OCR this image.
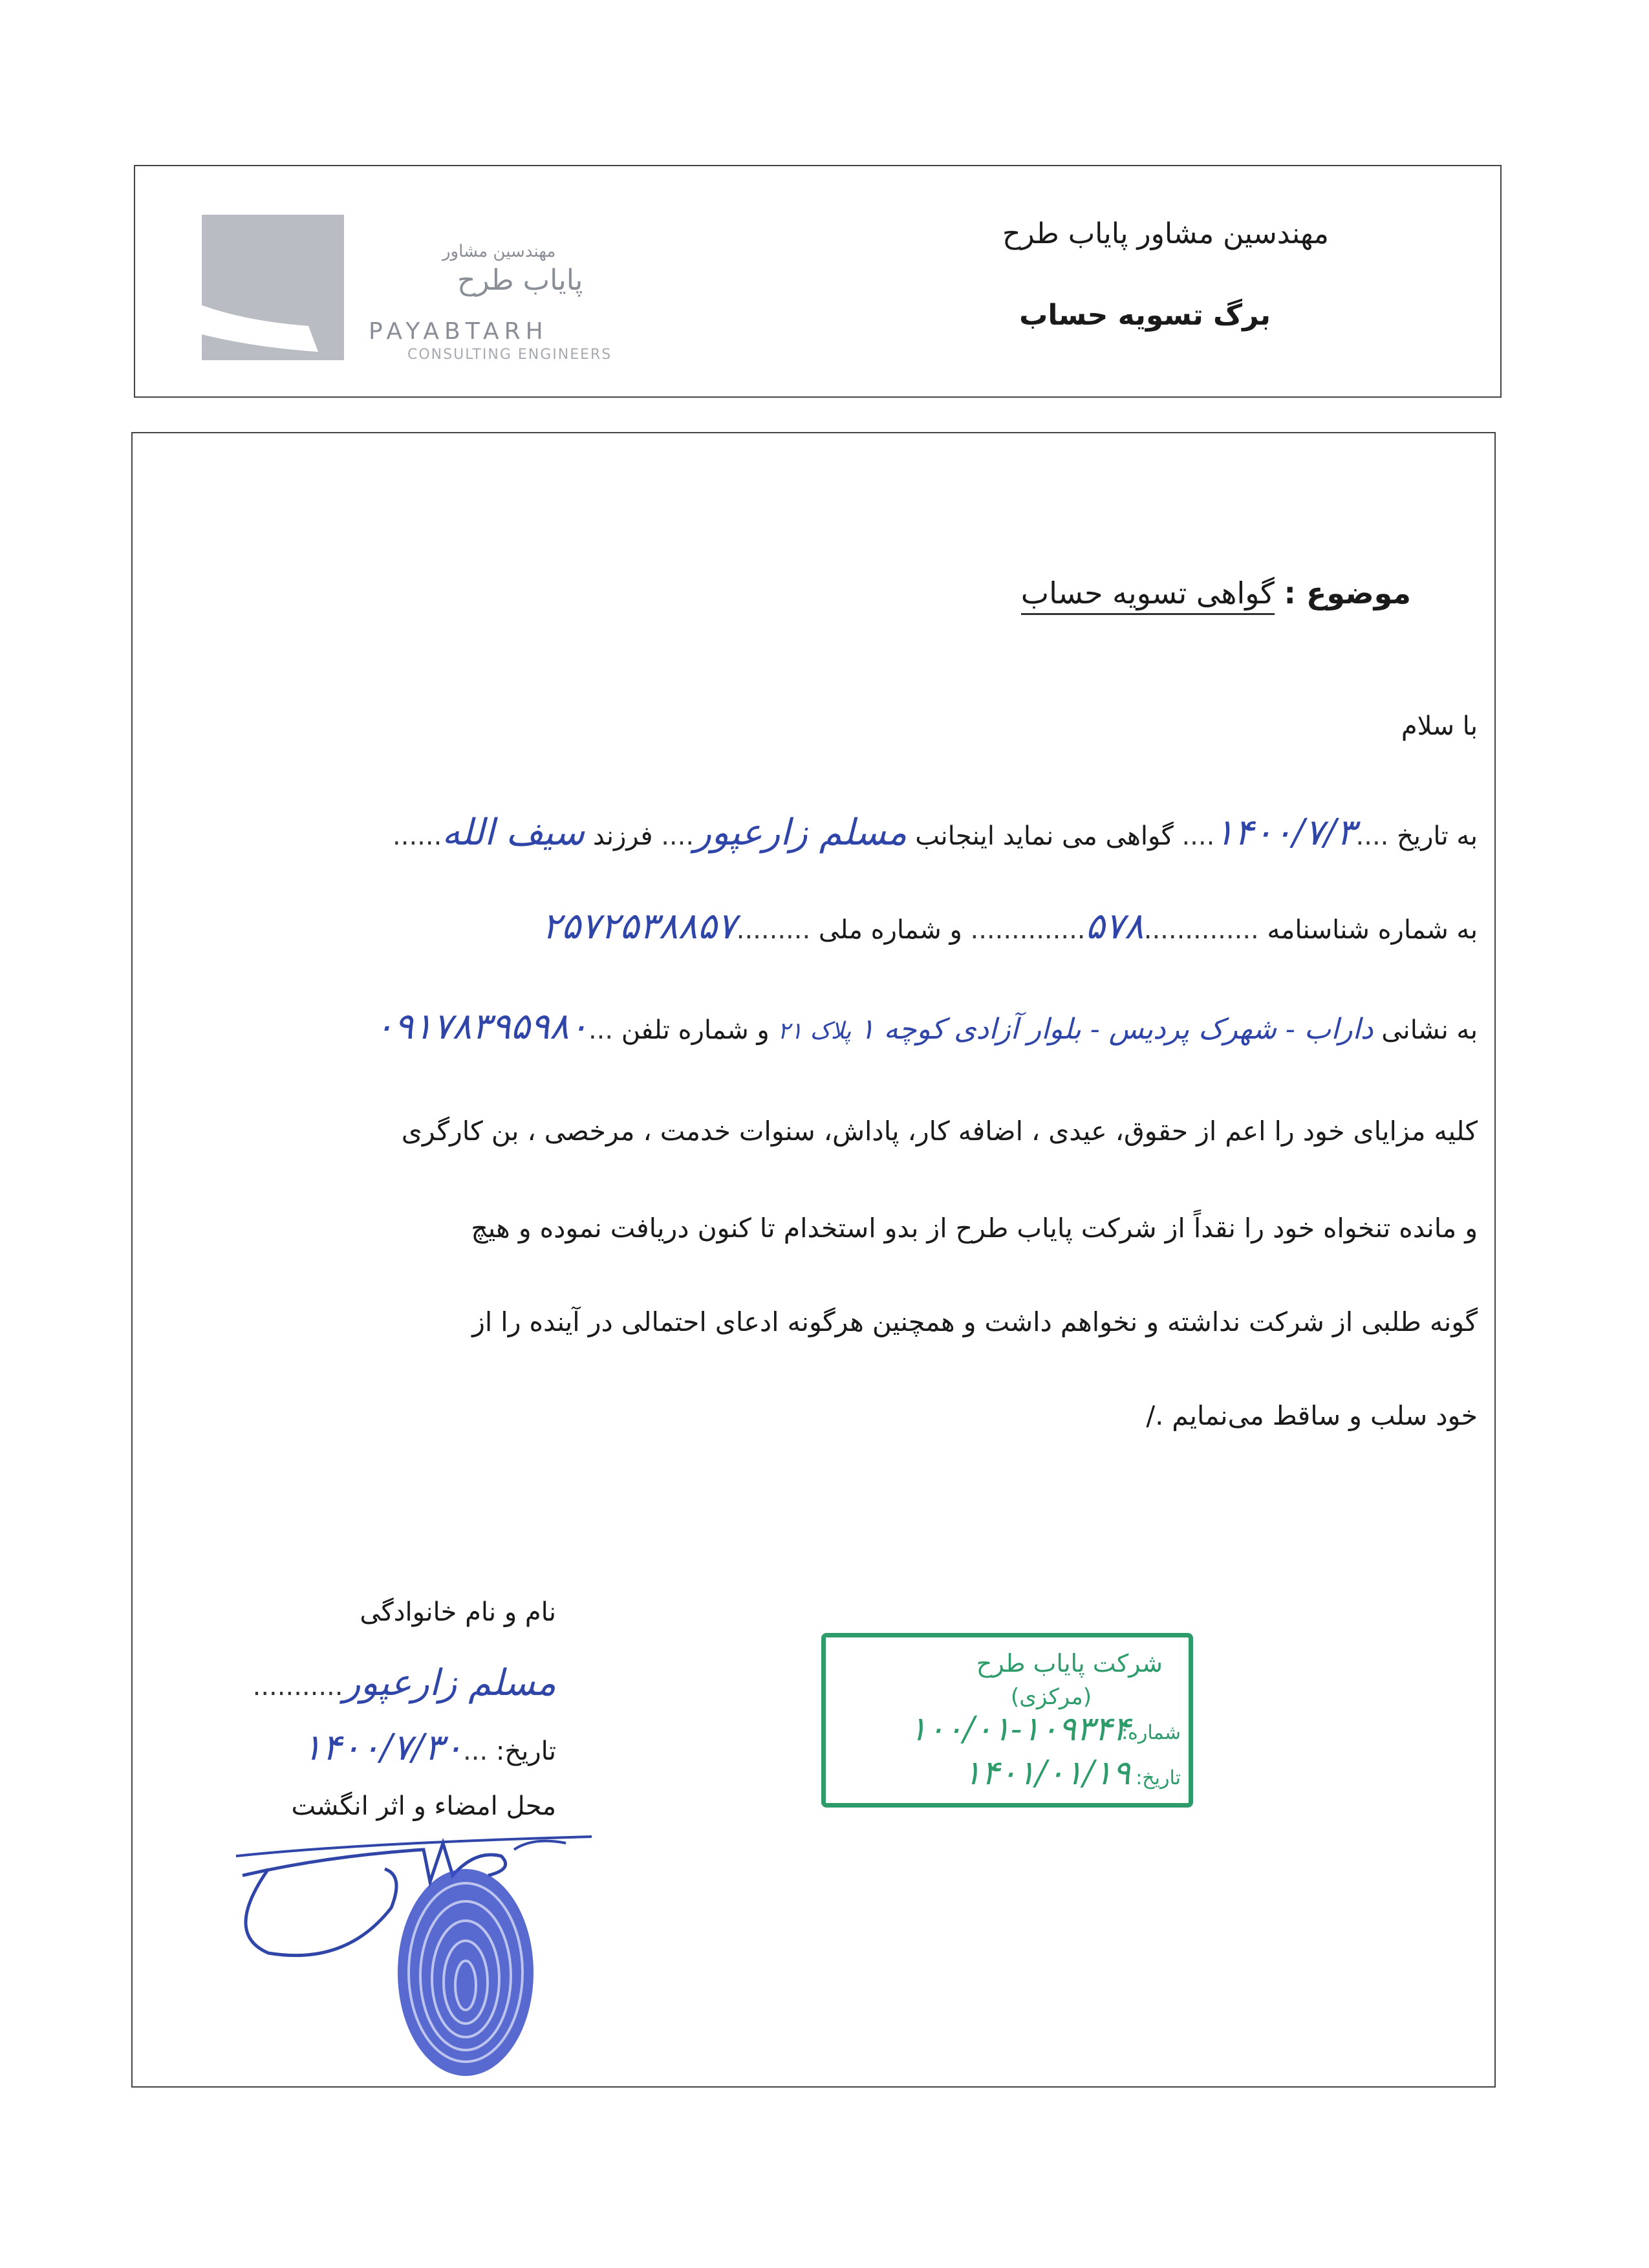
مهندسین مشاور
پایاب طرح
PAYABTARH
CONSULTING ENGINEERS
مهندسین مشاور پایاب طرح
برگ تسویه حساب
موضوع : گواهی تسویه حساب
با سلام
به تاریخ ....۱۴۰۰/۷/۳.... گواهی می نماید اینجانب مسلم زارعپور.... فرزند سیف الله......
به شماره شناسنامه ..............۵۷۸.............. و شماره ملی .........۲۵۷۲۵۳۸۸۵۷
به نشانی داراب - شهرک پردیس - بلوار آزادی کوچه ۱ پلاک ۲۱ و شماره تلفن ...۰۹۱۷۸۳۹۵۹۸۰
کلیه مزایای خود را اعم از حقوق، عیدی ، اضافه کار، پاداش، سنوات خدمت ، مرخصی ، بن کارگری
و مانده تنخواه خود را نقداً از شرکت پایاب طرح از بدو استخدام تا کنون دریافت نموده و هیچ
گونه طلبی از شرکت نداشته و نخواهم داشت و همچنین هرگونه ادعای احتمالی در آینده را از
خود سلب و ساقط می‌نمایم ./
نام و نام خانوادگی
مسلم زارعپور...........
تاریخ: ...۱۴۰۰/۷/۳۰
محل امضاء و اثر انگشت
شرکت پایاب طرح
(مرکزی)
شماره:
۱۰۰/۰۱-۱۰۹۳۴۴
تاریخ:
۱۴۰۱/۰۱/۱۹
